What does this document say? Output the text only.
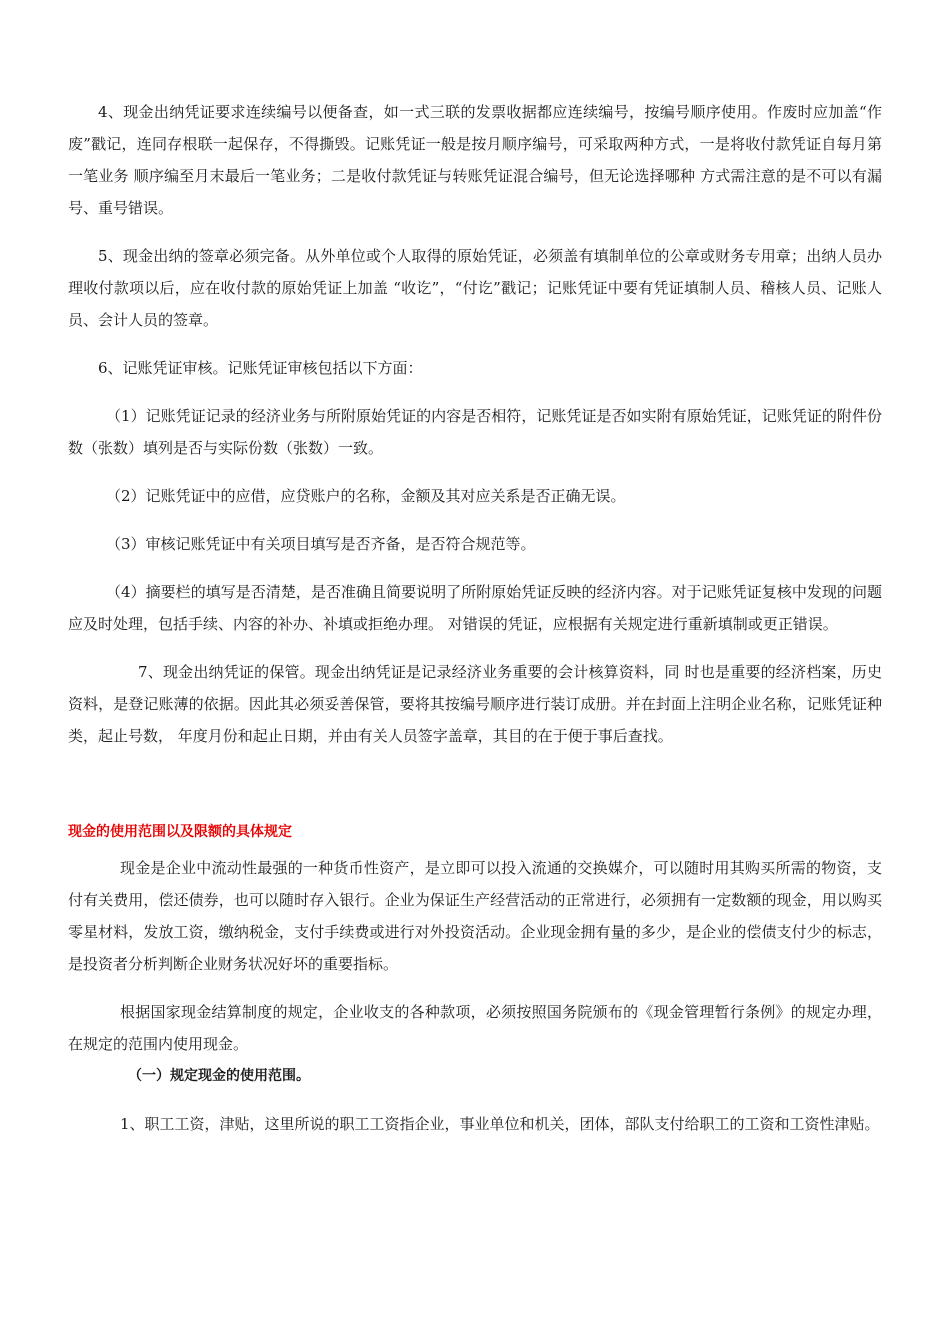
4、现金出纳凭证要求连续编号以便备查，如一式三联的发票收据都应连续编号，按编号顺序使用。作废时应加盖“作废”戳记，连同存根联一起保存，不得撕毁。记账凭证一般是按月顺序编号，可采取两种方式，一是将收付款凭证自每月第一笔业务 顺序编至月末最后一笔业务；二是收付款凭证与转账凭证混合编号，但无论选择哪种 方式需注意的是不可以有漏号、重号错误。

5、现金出纳的签章必须完备。从外单位或个人取得的原始凭证，必须盖有填制单位的公章或财务专用章；出纳人员办理收付款项以后，应在收付款的原始凭证上加盖 “收讫”，“付讫”戳记；记账凭证中要有凭证填制人员、稽核人员、记账人员、会计人员的签章。

6、记账凭证审核。记账凭证审核包括以下方面：

（1）记账凭证记录的经济业务与所附原始凭证的内容是否相符，记账凭证是否如实附有原始凭证，记账凭证的附件份数（张数）填列是否与实际份数（张数）一致。

（2）记账凭证中的应借，应贷账户的名称，金额及其对应关系是否正确无误。

（3）审核记账凭证中有关项目填写是否齐备，是否符合规范等。

（4）摘要栏的填写是否清楚，是否准确且简要说明了所附原始凭证反映的经济内容。对于记账凭证复核中发现的问题应及时处理，包括手续、内容的补办、补填或拒绝办理。 对错误的凭证，应根据有关规定进行重新填制或更正错误。

7、现金出纳凭证的保管。现金出纳凭证是记录经济业务重要的会计核算资料，同 时也是重要的经济档案，历史资料，是登记账薄的依据。因此其必须妥善保管，要将其按编号顺序进行装订成册。并在封面上注明企业名称，记账凭证种类，起止号数， 年度月份和起止日期，并由有关人员签字盖章，其目的在于便于事后查找。

现金的使用范围以及限额的具体规定

现金是企业中流动性最强的一种货币性资产，是立即可以投入流通的交换媒介，可以随时用其购买所需的物资，支付有关费用，偿还债券，也可以随时存入银行。企业为保证生产经营活动的正常进行，必须拥有一定数额的现金，用以购买零星材料，发放工资，缴纳税金，支付手续费或进行对外投资活动。企业现金拥有量的多少，是企业的偿债支付少的标志，是投资者分析判断企业财务状况好坏的重要指标。

根据国家现金结算制度的规定，企业收支的各种款项，必须按照国务院颁布的《现金管理暂行条例》的规定办理，在规定的范围内使用现金。

（一）规定现金的使用范围。

1、职工工资，津贴，这里所说的职工工资指企业，事业单位和机关，团体，部队支付给职工的工资和工资性津贴。
